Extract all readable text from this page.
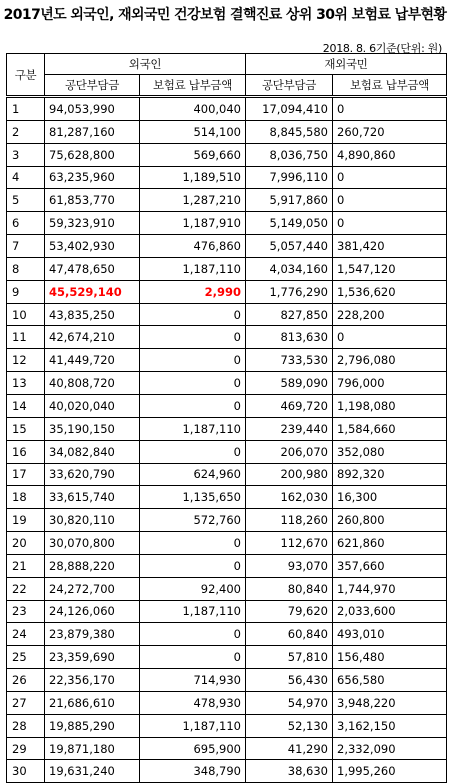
2017년도 외국인, 재외국민 건강보험 결핵진료 상위 30위 보험료 납부현황
2018. 8. 6기준(단위: 원)
구분	외국인		재외국민	
	공단부담금	보험료 납부금액	공단부담금	보험료 납부금액
1	94,053,990	400,040	17,094,410	0
2	81,287,160	514,100	8,845,580	260,720
3	75,628,800	569,660	8,036,750	4,890,860
4	63,235,960	1,189,510	7,996,110	0
5	61,853,770	1,287,210	5,917,860	0
6	59,323,910	1,187,910	5,149,050	0
7	53,402,930	476,860	5,057,440	381,420
8	47,478,650	1,187,110	4,034,160	1,547,120
9	45,529,140	2,990	1,776,290	1,536,620
10	43,835,250	0	827,850	228,200
11	42,674,210	0	813,630	0
12	41,449,720	0	733,530	2,796,080
13	40,808,720	0	589,090	796,000
14	40,020,040	0	469,720	1,198,080
15	35,190,150	1,187,110	239,440	1,584,660
16	34,082,840	0	206,070	352,080
17	33,620,790	624,960	200,980	892,320
18	33,615,740	1,135,650	162,030	16,300
19	30,820,110	572,760	118,260	260,800
20	30,070,800	0	112,670	621,860
21	28,888,220	0	93,070	357,660
22	24,272,700	92,400	80,840	1,744,970
23	24,126,060	1,187,110	79,620	2,033,600
24	23,879,380	0	60,840	493,010
25	23,359,690	0	57,810	156,480
26	22,356,170	714,930	56,430	656,580
27	21,686,610	478,930	54,970	3,948,220
28	19,885,290	1,187,110	52,130	3,162,150
29	19,871,180	695,900	41,290	2,332,090
30	19,631,240	348,790	38,630	1,995,260
